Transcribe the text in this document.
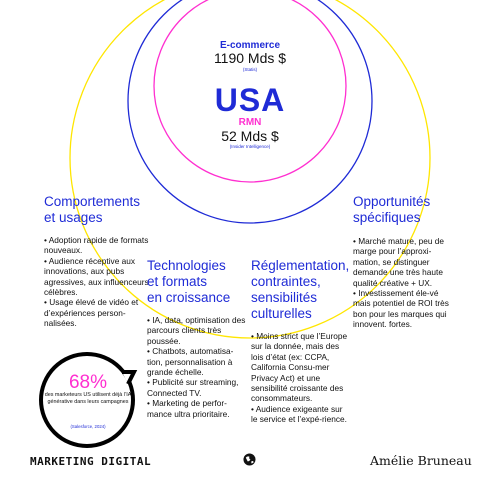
E-commerce
1190 Mds $
(Statis)
USA
RMN
52 Mds $
(Insider Intelligence)
Comportements
et usages
• Adoption rapide de formats nouveaux.
• Audience réceptive aux innovations, aux pubs agressives, aux influenceurs célèbres.
• Usage élevé de vidéo et d’expériences person-nalisées.
Technologies
et formats
en croissance
• IA, data, optimisation des parcours clients très poussée.
• Chatbots, automatisa-tion, personnalisation à grande échelle.
• Publicité sur streaming, Connected TV.
• Marketing de perfor-mance ultra prioritaire.
Réglementation,
contraintes,
sensibilités
culturelles
• Moins strict que l’Europe sur la donnée, mais des lois d’état (ex: CCPA, California Consu-mer Privacy Act) et une sensibilité croissante des consommateurs.
• Audience exigeante sur le service et l’expé-rience.
Opportunités
spécifiques
• Marché mature, peu de marge pour l’approxi-mation, se distinguer demande une très haute qualité créative + UX.
• Investissement éle-vé mais potentiel de ROI très bon pour les marques qui innovent. fortes.
68%
des marketeurs US utilisent déjà l’IA générative dans leurs campagnes
(Salesforce, 2024)
MARKETING DIGITAL	Amélie Bruneau
